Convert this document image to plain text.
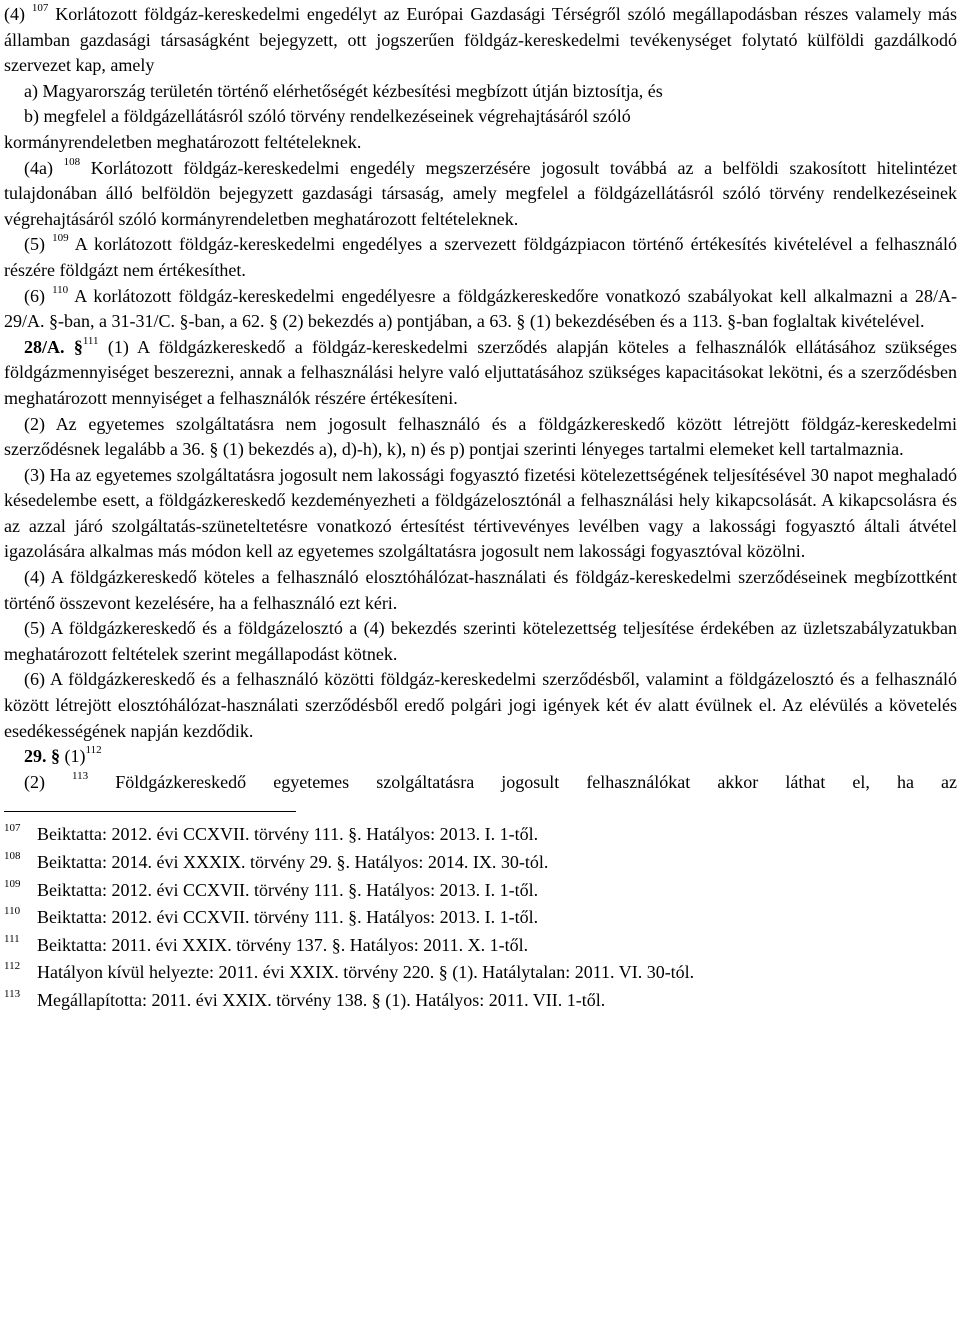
(4) $^{107}$ Korlátozott földgáz-kereskedelmi engedélyt az Európai Gazdasági Térségről szóló megállapodásban részes valamely más államban gazdasági társaságként bejegyzett, ott jogszerűen földgáz-kereskedelmi tevékenységet folytató külföldi gazdálkodó szervezet kap, amely

a) Magyarország területén történő elérhetőségét kézbesítési megbízott útján biztosítja, és

b) megfelel a földgázellátásról szóló törvény rendelkezéseinek végrehajtásáról szóló

kormányrendeletben meghatározott feltételeknek.

(4a) $^{108}$ Korlátozott földgáz-kereskedelmi engedély megszerzésére jogosult továbbá az a belföldi szakosított hitelintézet tulajdonában álló belföldön bejegyzett gazdasági társaság, amely megfelel a földgázellátásról szóló törvény rendelkezéseinek végrehajtásáról szóló kormányrendeletben meghatározott feltételeknek.

(5) $^{109}$ A korlátozott földgáz-kereskedelmi engedélyes a szervezett földgázpiacon történő értékesítés kivételével a felhasználó részére földgázt nem értékesíthet.

(6) $^{110}$ A korlátozott földgáz-kereskedelmi engedélyesre a földgázkereskedőre vonatkozó szabályokat kell alkalmazni a 28/A-29/A. §-ban, a 31-31/C. §-ban, a 62. § (2) bekezdés a) pontjában, a 63. § (1) bekezdésében és a 113. §-ban foglaltak kivételével.

28/A. §$^{111}$ (1) A földgázkereskedő a földgáz-kereskedelmi szerződés alapján köteles a felhasználók ellátásához szükséges földgázmennyiséget beszerezni, annak a felhasználási helyre való eljuttatásához szükséges kapacitásokat lekötni, és a szerződésben meghatározott mennyiséget a felhasználók részére értékesíteni.

(2) Az egyetemes szolgáltatásra nem jogosult felhasználó és a földgázkereskedő között létrejött földgáz-kereskedelmi szerződésnek legalább a 36. § (1) bekezdés a), d)-h), k), n) és p) pontjai szerinti lényeges tartalmi elemeket kell tartalmaznia.

(3) Ha az egyetemes szolgáltatásra jogosult nem lakossági fogyasztó fizetési kötelezettségének teljesítésével 30 napot meghaladó késedelembe esett, a földgázkereskedő kezdeményezheti a földgázelosztónál a felhasználási hely kikapcsolását. A kikapcsolásra és az azzal járó szolgáltatás-szüneteltetésre vonatkozó értesítést tértivevényes levélben vagy a lakossági fogyasztó általi átvétel igazolására alkalmas más módon kell az egyetemes szolgáltatásra jogosult nem lakossági fogyasztóval közölni.

(4) A földgázkereskedő köteles a felhasználó elosztóhálózat-használati és földgáz-kereskedelmi szerződéseinek megbízottként történő összevont kezelésére, ha a felhasználó ezt kéri.

(5) A földgázkereskedő és a földgázelosztó a (4) bekezdés szerinti kötelezettség teljesítése érdekében az üzletszabályzatukban meghatározott feltételek szerint megállapodást kötnek.

(6) A földgázkereskedő és a felhasználó közötti földgáz-kereskedelmi szerződésből, valamint a földgázelosztó és a felhasználó között létrejött elosztóhálózat-használati szerződésből eredő polgári jogi igények két év alatt évülnek el. Az elévülés a követelés esedékességének napján kezdődik.

29. § $(1)^{112}$

(2) $^{113}$ Földgázkereskedő egyetemes szolgáltatásra jogosult felhasználókat akkor láthat el, ha az

$^{107}$ Beiktatta: 2012. évi CCXVII. törvény 111. §. Hatályos: 2013. I. 1-től.
$^{108}$ Beiktatta: 2014. évi XXXIX. törvény 29. §. Hatályos: 2014. IX. 30-tól.
$^{109}$ Beiktatta: 2012. évi CCXVII. törvény 111. §. Hatályos: 2013. I. 1-től.
$^{110}$ Beiktatta: 2012. évi CCXVII. törvény 111. §. Hatályos: 2013. I. 1-től.
$^{111}$ Beiktatta: 2011. évi XXIX. törvény 137. §. Hatályos: 2011. X. 1-től.
$^{112}$ Hatályon kívül helyezte: 2011. évi XXIX. törvény 220. § (1). Hatálytalan: 2011. VI. 30-tól.
$^{113}$ Megállapította: 2011. évi XXIX. törvény 138. § (1). Hatályos: 2011. VII. 1-től.
